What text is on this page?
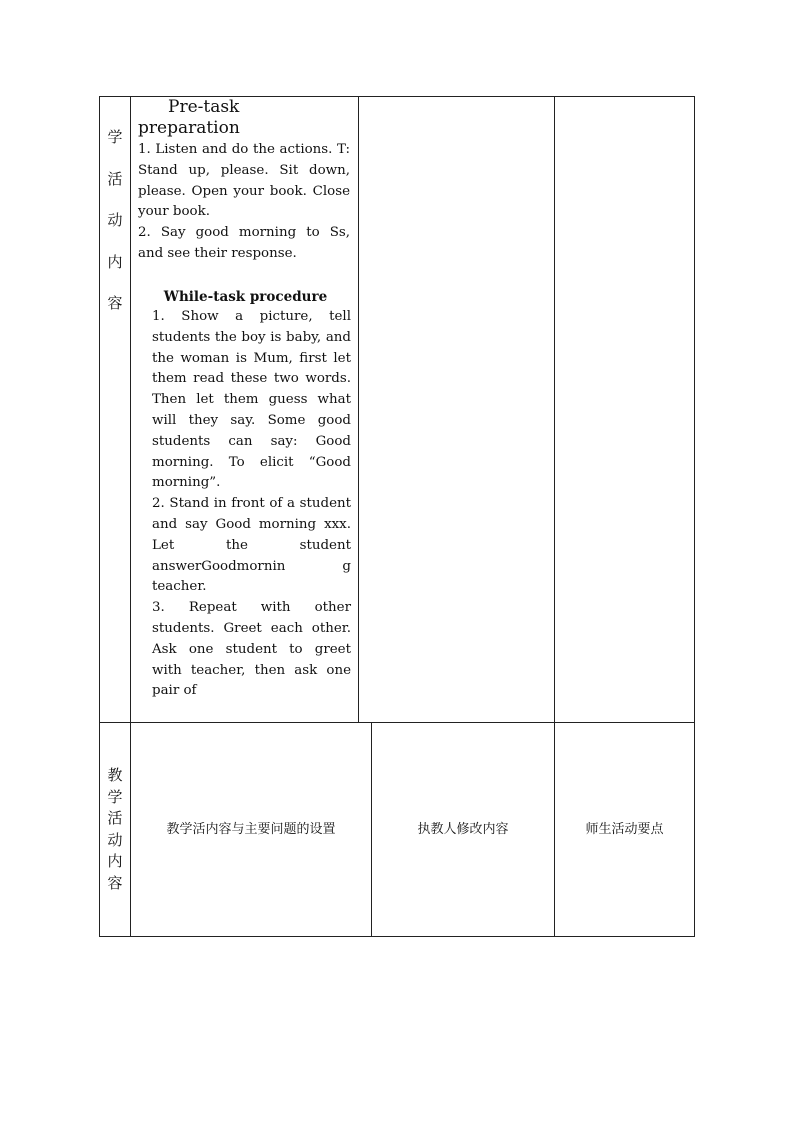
学
活
动
内
容
Pre-task
preparation
1. Listen and do the actions. T: Stand up, please. Sit down, please. Open your book. Close your book.
2. Say good morning to Ss, and see their response.
While-task procedure
1. Show a picture, tell students the boy is baby, and the woman is Mum, first let them read these two words. Then let them guess what will they say. Some good students can say: Good morning. To elicit “Good morning”.
2. Stand in front of a student and say Good morning xxx. Let the student answerGoodmornin g teacher.
3. Repeat with other students. Greet each other. Ask one student to greet with teacher, then ask one pair of
教
学
活
动
内
容
教学活内容与主要问题的设置	执教人修改内容	师生活动要点
